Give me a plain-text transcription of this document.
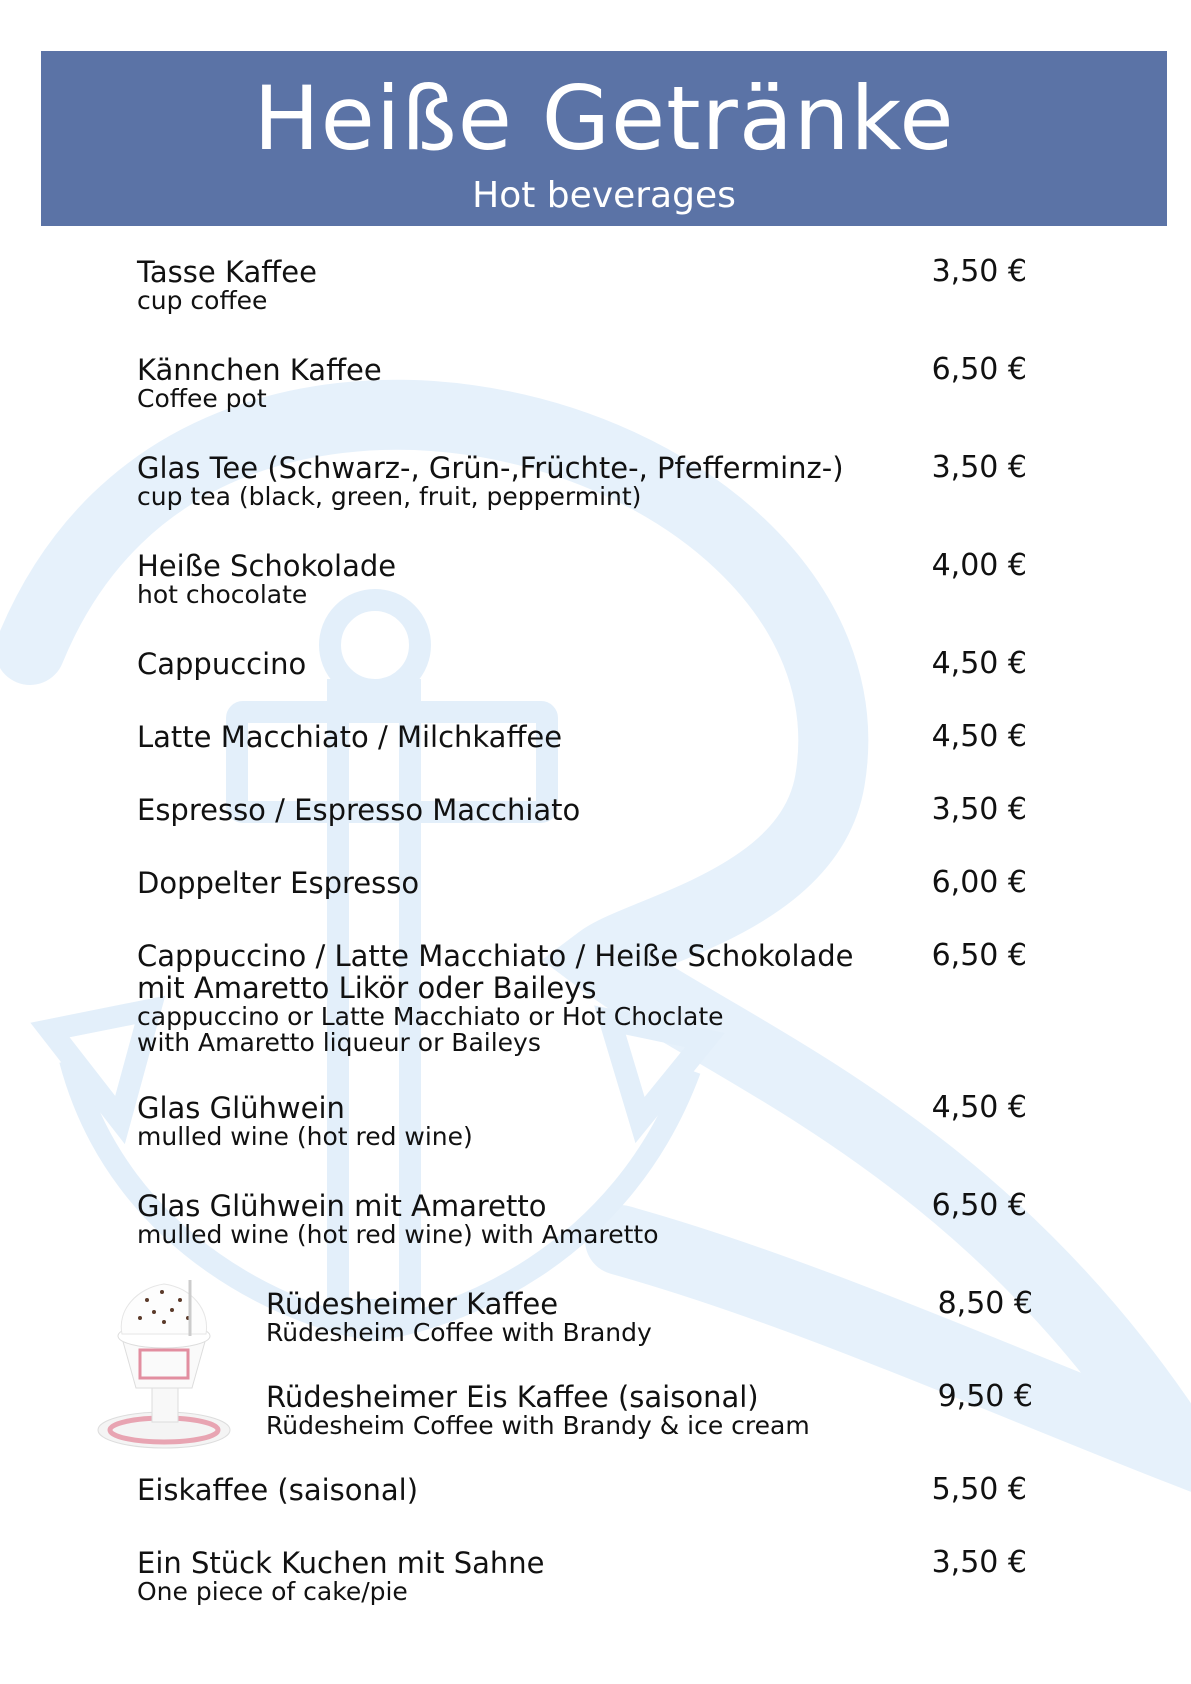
Heiße Getränke
Hot beverages
Tasse Kaffee
cup coffee
3,50 €
Kännchen Kaffee
Coffee pot
6,50 €
Glas Tee (Schwarz-, Grün-,Früchte-, Pfefferminz-)
cup tea (black, green, fruit, peppermint)
3,50 €
Heiße Schokolade
hot chocolate
4,00 €
Cappuccino	4,50 €
Latte Macchiato / Milchkaffee	4,50 €
Espresso / Espresso Macchiato	3,50 €
Doppelter Espresso	6,00 €
Cappuccino / Latte Macchiato / Heiße Schokolade
mit Amaretto Likör oder Baileys
cappuccino or Latte Macchiato or Hot Choclate
with Amaretto liqueur or Baileys
6,50 €
Glas Glühwein
mulled wine (hot red wine)
4,50 €
Glas Glühwein mit Amaretto
mulled wine (hot red wine) with Amaretto
6,50 €
Rüdesheimer Kaffee
Rüdesheim Coffee with Brandy
8,50 €
Rüdesheimer Eis Kaffee (saisonal)
Rüdesheim Coffee with Brandy & ice cream
9,50 €
Eiskaffee (saisonal)	5,50 €
Ein Stück Kuchen mit Sahne
One piece of cake/pie
3,50 €
